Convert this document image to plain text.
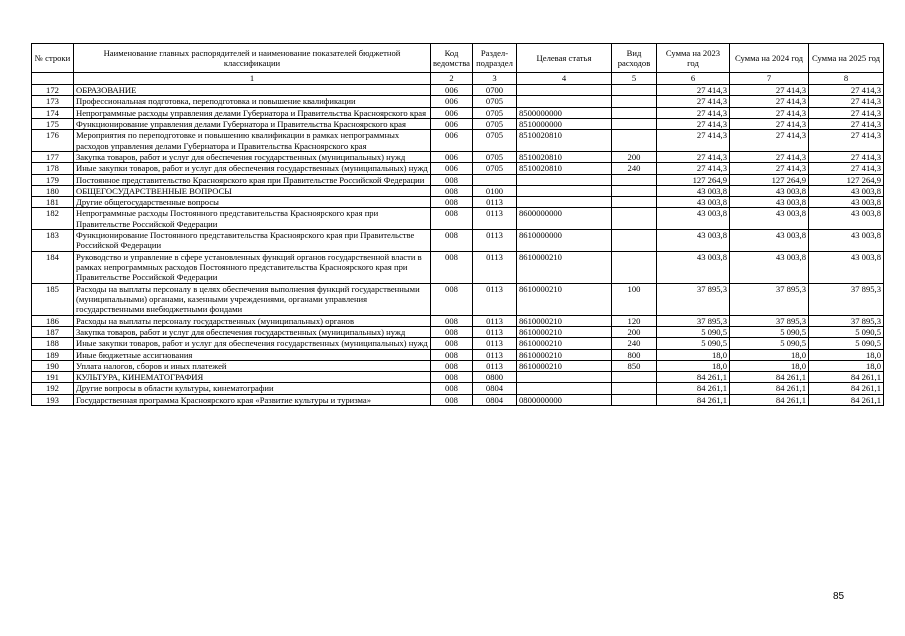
№ строки	Наименование главных распорядителей и наименование показателей бюджетной классификации	Код ведомства	Раздел-подраздел	Целевая статья	Вид расходов	Сумма на 2023 год	Сумма на 2024 год	Сумма на 2025 год
	1	2	3	4	5	6	7	8
172	ОБРАЗОВАНИЕ	006	0700			27 414,3	27 414,3	27 414,3
173	Профессиональная подготовка, переподготовка и повышение квалификации	006	0705			27 414,3	27 414,3	27 414,3
174	Непрограммные расходы управления делами Губернатора и Правительства Красноярского края	006	0705	8500000000		27 414,3	27 414,3	27 414,3
175	Функционирование управления делами Губернатора и Правительства Красноярского края	006	0705	8510000000		27 414,3	27 414,3	27 414,3
176	Мероприятия по переподготовке и повышению квалификации в рамках непрограммных расходов управления делами Губернатора и Правительства Красноярского края	006	0705	8510020810		27 414,3	27 414,3	27 414,3
177	Закупка товаров, работ и услуг для обеспечения государственных (муниципальных) нужд	006	0705	8510020810	200	27 414,3	27 414,3	27 414,3
178	Иные закупки товаров, работ и услуг для обеспечения государственных (муниципальных) нужд	006	0705	8510020810	240	27 414,3	27 414,3	27 414,3
179	Постоянное представительство Красноярского края при Правительстве Российской Федерации	008				127 264,9	127 264,9	127 264,9
180	ОБЩЕГОСУДАРСТВЕННЫЕ ВОПРОСЫ	008	0100			43 003,8	43 003,8	43 003,8
181	Другие общегосударственные вопросы	008	0113			43 003,8	43 003,8	43 003,8
182	Непрограммные расходы Постоянного представительства Красноярского края при Правительстве Российской Федерации	008	0113	8600000000		43 003,8	43 003,8	43 003,8
183	Функционирование Постоянного представительства Красноярского края при Правительстве Российской Федерации	008	0113	8610000000		43 003,8	43 003,8	43 003,8
184	Руководство и управление в сфере установленных функций органов государственной власти в рамках непрограммных расходов Постоянного представительства Красноярского края при Правительстве Российской Федерации	008	0113	8610000210		43 003,8	43 003,8	43 003,8
185	Расходы на выплаты персоналу в целях обеспечения выполнения функций государственными (муниципальными) органами, казенными учреждениями, органами управления государственными внебюджетными фондами	008	0113	8610000210	100	37 895,3	37 895,3	37 895,3
186	Расходы на выплаты персоналу государственных (муниципальных) органов	008	0113	8610000210	120	37 895,3	37 895,3	37 895,3
187	Закупка товаров, работ и услуг для обеспечения государственных (муниципальных) нужд	008	0113	8610000210	200	5 090,5	5 090,5	5 090,5
188	Иные закупки товаров, работ и услуг для обеспечения государственных (муниципальных) нужд	008	0113	8610000210	240	5 090,5	5 090,5	5 090,5
189	Иные бюджетные ассигнования	008	0113	8610000210	800	18,0	18,0	18,0
190	Уплата налогов, сборов и иных платежей	008	0113	8610000210	850	18,0	18,0	18,0
191	КУЛЬТУРА, КИНЕМАТОГРАФИЯ	008	0800			84 261,1	84 261,1	84 261,1
192	Другие вопросы в области культуры, кинематографии	008	0804			84 261,1	84 261,1	84 261,1
193	Государственная программа Красноярского края «Развитие культуры и туризма»	008	0804	0800000000		84 261,1	84 261,1	84 261,1
85
